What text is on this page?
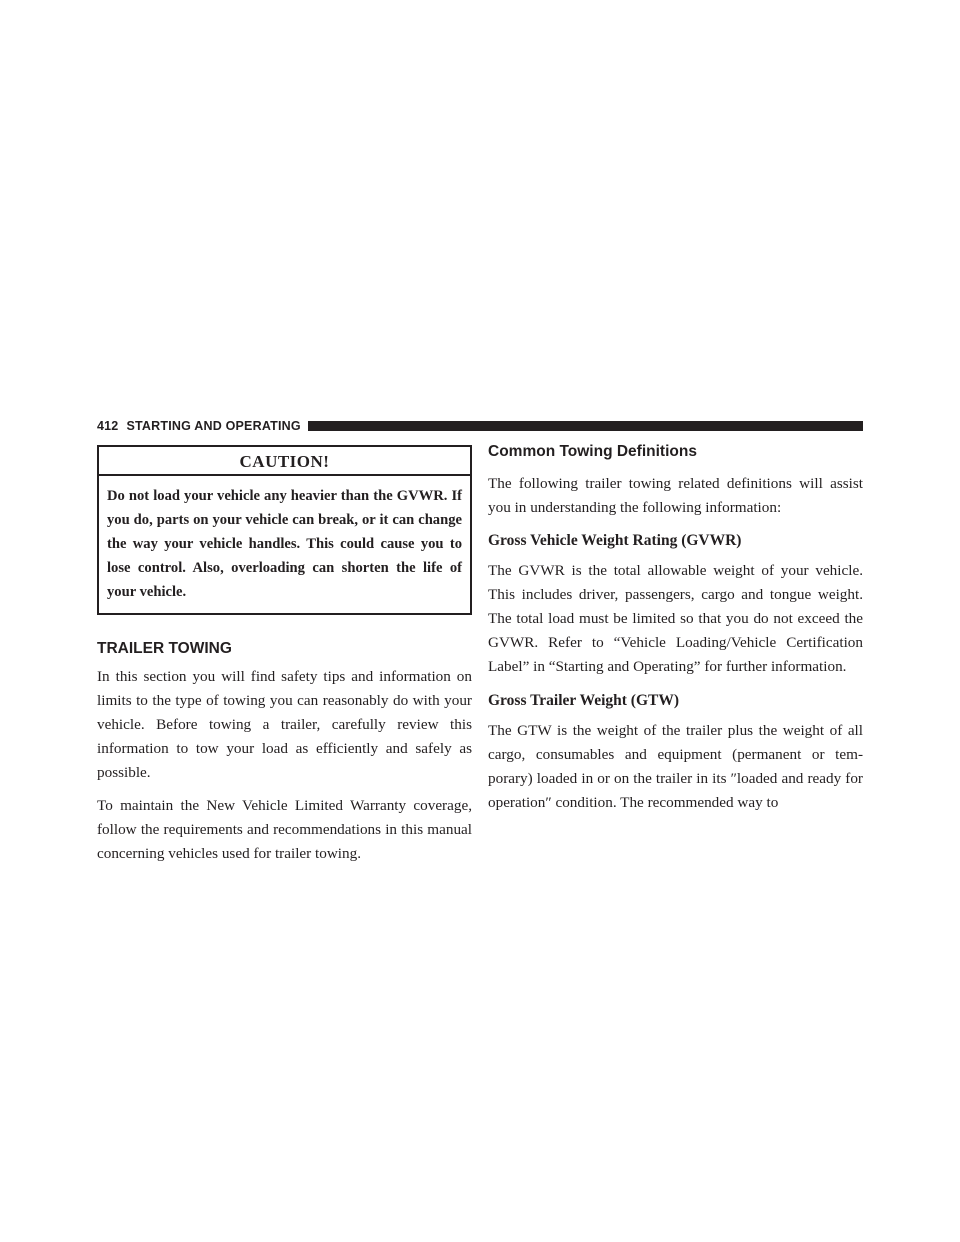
412 STARTING AND OPERATING
CAUTION!
Do not load your vehicle any heavier than the GVWR. If you do, parts on your vehicle can break, or it can change the way your vehicle handles. This could cause you to lose control. Also, overloading can shorten the life of your vehicle.
TRAILER TOWING

In this section you will find safety tips and information on limits to the type of towing you can reasonably do with your vehicle. Before towing a trailer, carefully review this information to tow your load as efficiently and safely as possible.

To maintain the New Vehicle Limited Warranty coverage, follow the requirements and recommendations in this manual concerning vehicles used for trailer towing.

Common Towing Definitions

The following trailer towing related definitions will assist you in understanding the following information:

Gross Vehicle Weight Rating (GVWR)

The GVWR is the total allowable weight of your vehicle. This includes driver, passengers, cargo and tongue weight. The total load must be limited so that you do not exceed the GVWR. Refer to “Vehicle Loading/Vehicle Certification Label” in “Starting and Operating” for further information.

Gross Trailer Weight (GTW)

The GTW is the weight of the trailer plus the weight of all cargo, consumables and equipment (permanent or tem-porary) loaded in or on the trailer in its ″loaded and ready for operation″ condition. The recommended way to
